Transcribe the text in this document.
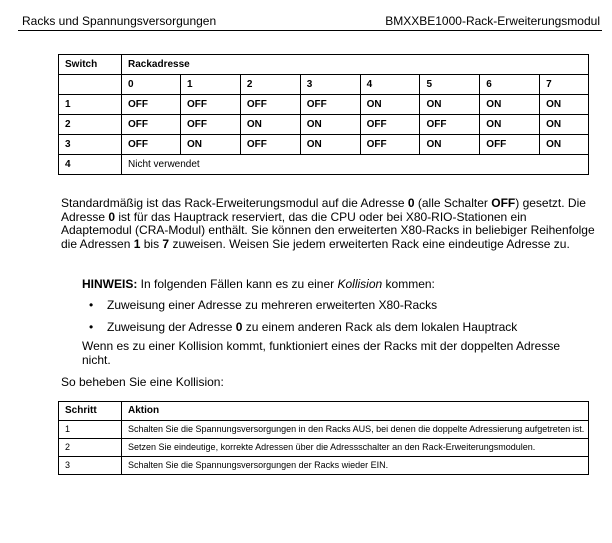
Racks und Spannungsversorgungen	BMXXBE1000-Rack-Erweiterungsmodul
Switch	Rackadresse							
	0	1	2	3	4	5	6	7
1	OFF	OFF	OFF	OFF	ON	ON	ON	ON
2	OFF	OFF	ON	ON	OFF	OFF	ON	ON
3	OFF	ON	OFF	ON	OFF	ON	OFF	ON
4	Nicht verwendet							
Standardmäßig ist das Rack-Erweiterungsmodul auf die Adresse 0 (alle Schalter OFF) gesetzt. Die Adresse 0 ist für das Hauptrack reserviert, das die CPU oder bei X80-RIO-Stationen ein Adaptemodul (CRA-Modul) enthält. Sie können den erweiterten X80-Racks in beliebiger Reihenfolge die Adressen 1 bis 7 zuweisen. Weisen Sie jedem erweiterten Rack eine eindeutige Adresse zu.
HINWEIS: In folgenden Fällen kann es zu einer Kollision kommen:
• Zuweisung einer Adresse zu mehreren erweiterten X80-Racks
• Zuweisung der Adresse 0 zu einem anderen Rack als dem lokalen Hauptrack
Wenn es zu einer Kollision kommt, funktioniert eines der Racks mit der doppelten Adresse nicht.
So beheben Sie eine Kollision:
Schritt	Aktion
1	Schalten Sie die Spannungsversorgungen in den Racks AUS, bei denen die doppelte Adressierung aufgetreten ist.
2	Setzen Sie eindeutige, korrekte Adressen über die Adressschalter an den Rack-Erweiterungsmodulen.
3	Schalten Sie die Spannungsversorgungen der Racks wieder EIN.
